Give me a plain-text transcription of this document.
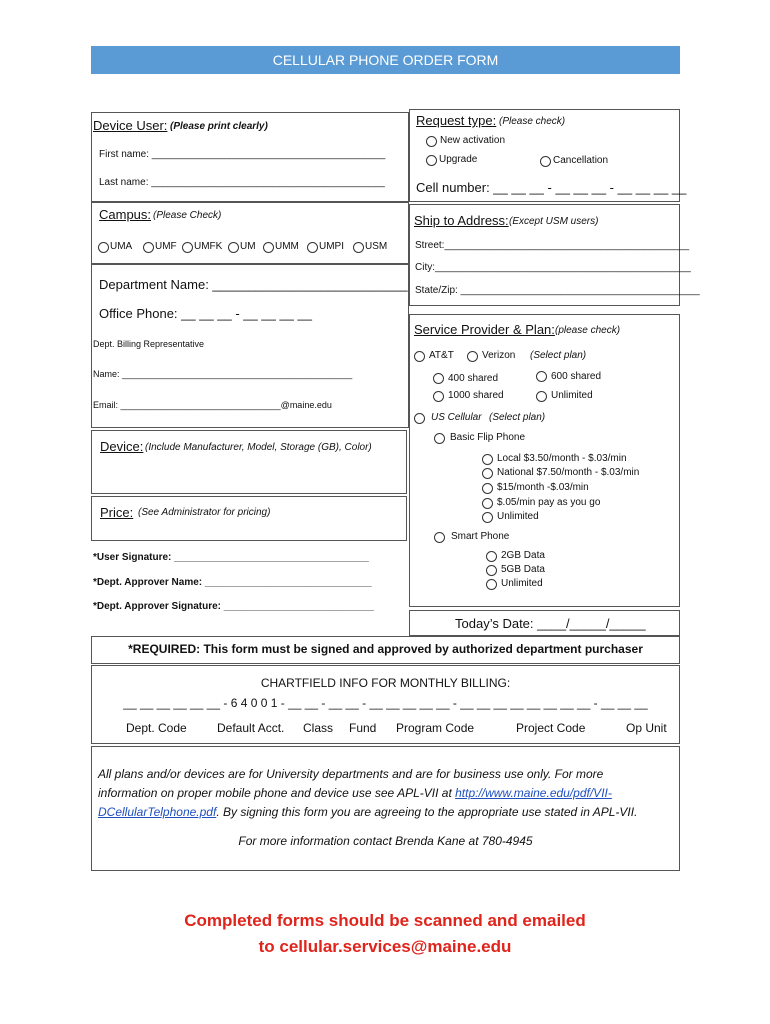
CELLULAR PHONE ORDER FORM
Device User: (Please print clearly)
First name: __________________________________________
Last name: __________________________________________
Request type: (Please check)
New activation
Upgrade	Cancellation
Cell number: __ __ __ - __ __ __ - __ __ __ __
Campus: (Please Check)
UMA UMF UMFK UM UMM UMPI USM
Ship to Address: (Except USM users)
Street:____________________________________________
City:______________________________________________
State/Zip: ___________________________________________
Department Name: ___________________________
Office Phone: __ __ __ - __ __ __ __
Dept. Billing Representative
Name: ______________________________________________
Email: ________________________________@maine.edu
Service Provider & Plan: (please check)
AT&T	Verizon (Select plan)
400 shared	600 shared
1000 shared	Unlimited
US Cellular (Select plan)
Basic Flip Phone
Local $3.50/month - $.03/min
National $7.50/month - $.03/min
$15/month -$.03/min
$.05/min pay as you go
Unlimited
Smart Phone
2GB Data
5GB Data
Unlimited
Device: (Include Manufacturer, Model, Storage (GB), Color)
Price: (See Administrator for pricing)
*User Signature: ___________________________________
*Dept. Approver Name: ______________________________
*Dept. Approver Signature: ___________________________
Today’s Date: ____/_____/_____
*REQUIRED: This form must be signed and approved by authorized department purchaser
CHARTFIELD INFO FOR MONTHLY BILLING:
__ __ __ __ __ __ - 6 4 0 0 1 - __ __ - __ __ - __ __ __ __ __ - __ __ __ __ __ __ __ __ - __ __ __
Dept. Code	Default Acct. Class Fund Program Code	Project Code	Op Unit
All plans and/or devices are for University departments and are for business use only. For more
information on proper mobile phone and device use see APL-VII at http://www.maine.edu/pdf/VII-
DCellularTelphone.pdf. By signing this form you are agreeing to the appropriate use stated in APL-VII.
For more information contact Brenda Kane at 780-4945
Completed forms should be scanned and emailed
to cellular.services@maine.edu
